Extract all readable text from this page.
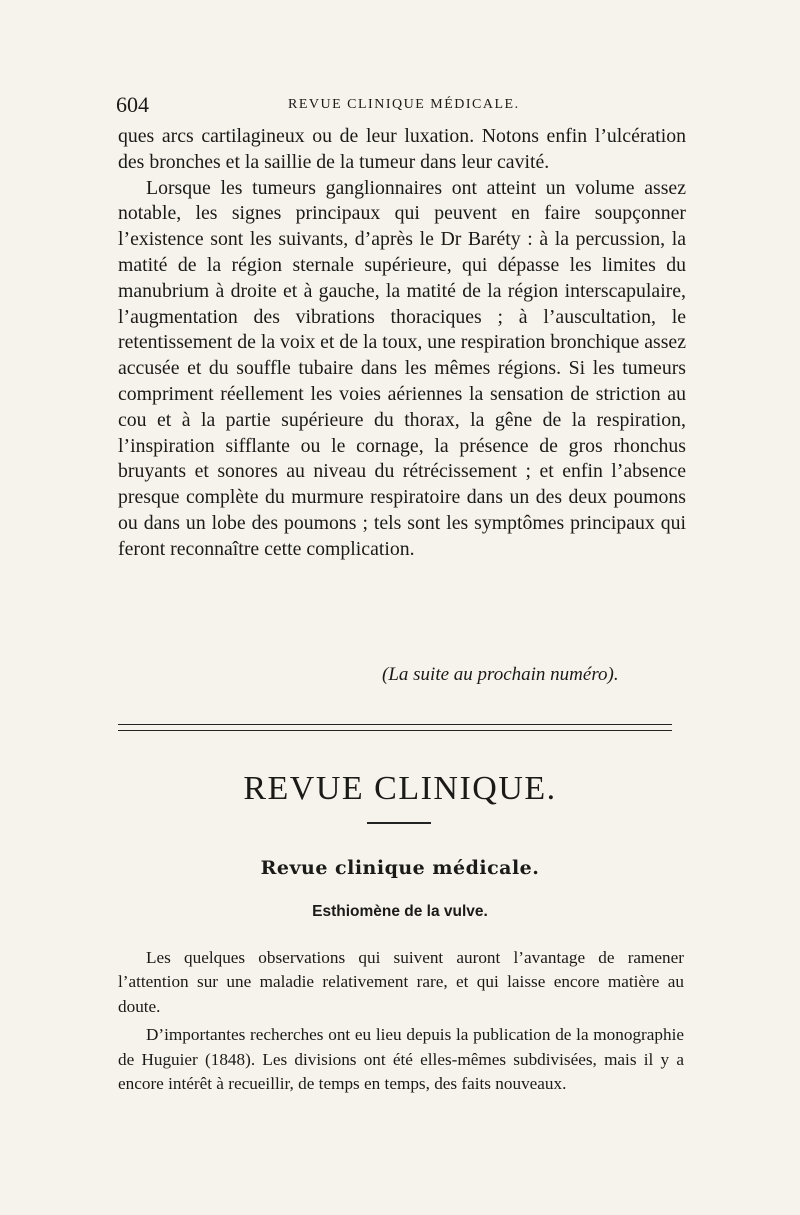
604	REVUE CLINIQUE MÉDICALE.

ques arcs cartilagineux ou de leur luxation. Notons enfin l’ulcération des bronches et la saillie de la tumeur dans leur cavité.

Lorsque les tumeurs ganglionnaires ont atteint un volume assez notable, les signes principaux qui peuvent en faire soupçonner l’existence sont les suivants, d’après le Dr Baréty : à la percussion, la matité de la région sternale supérieure, qui dépasse les limites du manubrium à droite et à gauche, la matité de la région interscapulaire, l’augmentation des vibrations thoraciques ; à l’auscultation, le retentissement de la voix et de la toux, une respiration bronchique assez accusée et du souffle tubaire dans les mêmes régions. Si les tumeurs compriment réellement les voies aériennes la sensation de striction au cou et à la partie supérieure du thorax, la gêne de la respiration, l’inspiration sifflante ou le cornage, la présence de gros rhonchus bruyants et sonores au niveau du rétrécissement ; et enfin l’absence presque complète du murmure respiratoire dans un des deux poumons ou dans un lobe des poumons ; tels sont les symptômes principaux qui feront reconnaître cette complication.

(La suite au prochain numéro).
REVUE CLINIQUE.
Revue clinique médicale.
Esthiomène de la vulve.

Les quelques observations qui suivent auront l’avantage de ramener l’attention sur une maladie relativement rare, et qui laisse encore matière au doute.

D’importantes recherches ont eu lieu depuis la publication de la monographie de Huguier (1848). Les divisions ont été elles-mêmes subdivisées, mais il y a encore intérêt à recueillir, de temps en temps, des faits nouveaux.
